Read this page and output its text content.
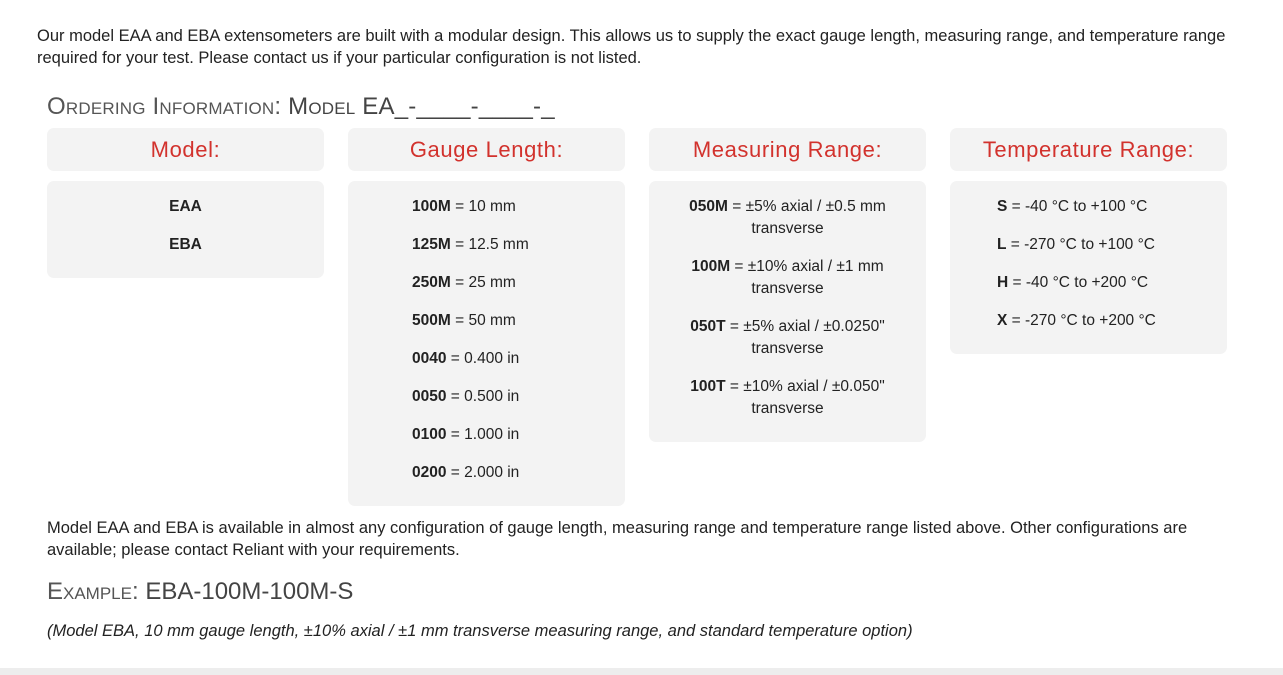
Our model EAA and EBA extensometers are built with a modular design. This allows us to supply the exact gauge length, measuring range, and temperature range required for your test. Please contact us if your particular configuration is not listed.
Ordering Information: Model EA_-____-____-_
Model:
EAA
EBA
Gauge Length:
100M = 10 mm
125M = 12.5 mm
250M = 25 mm
500M = 50 mm
0040 = 0.400 in
0050 = 0.500 in
0100 = 1.000 in
0200 = 2.000 in
Measuring Range:
050M = ±5% axial / ±0.5 mm
transverse
100M = ±10% axial / ±1 mm
transverse
050T = ±5% axial / ±0.0250"
transverse
100T = ±10% axial / ±0.050"
transverse
Temperature Range:
S = -40 °C to +100 °C
L = -270 °C to +100 °C
H = -40 °C to +200 °C
X = -270 °C to +200 °C
Model EAA and EBA is available in almost any configuration of gauge length, measuring range and temperature range listed above. Other configurations are available; please contact Reliant with your requirements.
Example: EBA-100M-100M-S
(Model EBA, 10 mm gauge length, ±10% axial / ±1 mm transverse measuring range, and standard temperature option)
